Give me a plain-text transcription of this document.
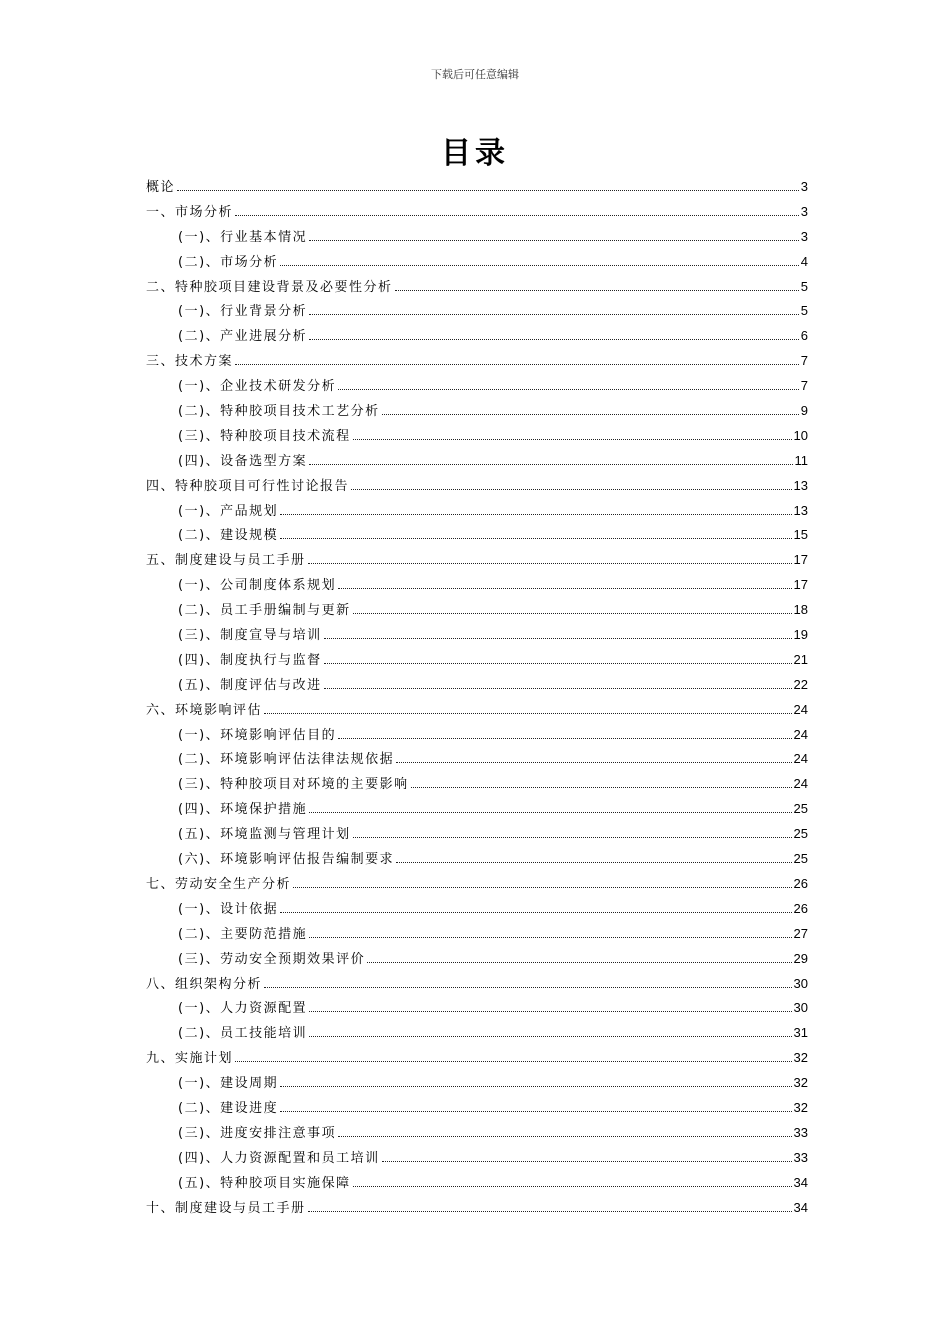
下载后可任意编辑
目录
概论	3
一、市场分析	3
(一)、行业基本情况	3
(二)、市场分析	4
二、特种胶项目建设背景及必要性分析	5
(一)、行业背景分析	5
(二)、产业进展分析	6
三、技术方案	7
(一)、企业技术研发分析	7
(二)、特种胶项目技术工艺分析	9
(三)、特种胶项目技术流程	10
(四)、设备选型方案	11
四、特种胶项目可行性讨论报告	13
(一)、产品规划	13
(二)、建设规模	15
五、制度建设与员工手册	17
(一)、公司制度体系规划	17
(二)、员工手册编制与更新	18
(三)、制度宣导与培训	19
(四)、制度执行与监督	21
(五)、制度评估与改进	22
六、环境影响评估	24
(一)、环境影响评估目的	24
(二)、环境影响评估法律法规依据	24
(三)、特种胶项目对环境的主要影响	24
(四)、环境保护措施	25
(五)、环境监测与管理计划	25
(六)、环境影响评估报告编制要求	25
七、劳动安全生产分析	26
(一)、设计依据	26
(二)、主要防范措施	27
(三)、劳动安全预期效果评价	29
八、组织架构分析	30
(一)、人力资源配置	30
(二)、员工技能培训	31
九、实施计划	32
(一)、建设周期	32
(二)、建设进度	32
(三)、进度安排注意事项	33
(四)、人力资源配置和员工培训	33
(五)、特种胶项目实施保障	34
十、制度建设与员工手册	34
